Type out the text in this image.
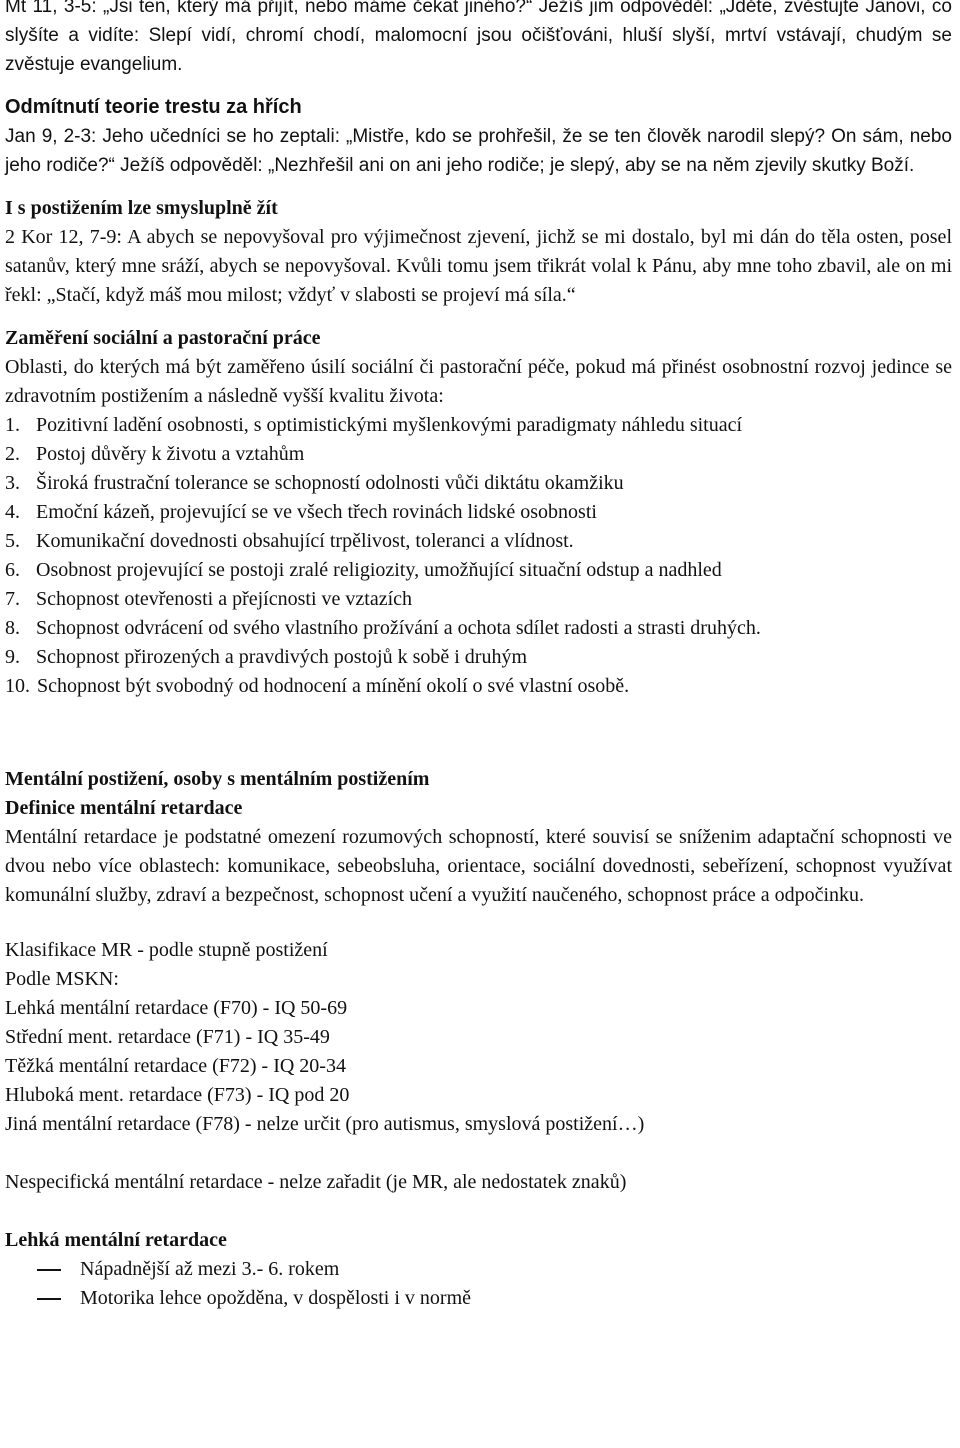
Mt 11, 3-5: „Jsi ten, který má přijít, nebo máme čekat jiného?“ Ježíš jim odpověděl: „Jděte, zvěstujte Janovi, co slyšíte a vidíte: Slepí vidí, chromí chodí, malomocní jsou očišťováni, hluší slyší, mrtví vstávají, chudým se zvěstuje evangelium.

Odmítnutí teorie trestu za hřích

Jan 9, 2-3: Jeho učedníci se ho zeptali: „Mistře, kdo se prohřešil, že se ten člověk narodil slepý? On sám, nebo jeho rodiče?“ Ježíš odpověděl: „Nezhřešil ani on ani jeho rodiče; je slepý, aby se na něm zjevily skutky Boží.

I s postižením lze smysluplně žít

2 Kor 12, 7-9: A abych se nepovyšoval pro výjimečnost zjevení, jichž se mi dostalo, byl mi dán do těla osten, posel satanův, který mne sráží, abych se nepovyšoval. Kvůli tomu jsem třikrát volal k Pánu, aby mne toho zbavil, ale on mi řekl: „Stačí, když máš mou milost; vždyť v slabosti se projeví má síla.“

Zaměření sociální a pastorační práce

Oblasti, do kterých má být zaměřeno úsilí sociální či pastorační péče, pokud má přinést osobnostní rozvoj jedince se zdravotním postižením a následně vyšší kvalitu života:

1. Pozitivní ladění osobnosti, s optimistickými myšlenkovými paradigmaty náhledu situací
2. Postoj důvěry k životu a vztahům
3. Široká frustrační tolerance se schopností odolnosti vůči diktátu okamžiku
4. Emoční kázeň, projevující se ve všech třech rovinách lidské osobnosti
5. Komunikační dovednosti obsahující trpělivost, toleranci a vlídnost.
6. Osobnost projevující se postoji zralé religiozity, umožňující situační odstup a nadhled
7. Schopnost otevřenosti a přejícnosti ve vztazích
8. Schopnost odvrácení od svého vlastního prožívání a ochota sdílet radosti a strasti druhých.
9. Schopnost přirozených a pravdivých postojů k sobě i druhým
10. Schopnost být svobodný od hodnocení a mínění okolí o své vlastní osobě.
Mentální postižení, osoby s mentálním postižením
Definice mentální retardace

Mentální retardace je podstatné omezení rozumových schopností, které souvisí se sníženim adaptační schopnosti ve dvou nebo více oblastech: komunikace, sebeobsluha, orientace, sociální dovednosti, sebeřízení, schopnost využívat komunální služby, zdraví a bezpečnost, schopnost učení a využití naučeného, schopnost práce a odpočinku.

Klasifikace MR - podle stupně postižení
Podle MSKN:
Lehká mentální retardace (F70) - IQ 50-69
Střední ment. retardace (F71) - IQ 35-49
Těžká mentální retardace (F72) - IQ 20-34
Hluboká ment. retardace (F73) - IQ pod 20
Jiná mentální retardace (F78) - nelze určit (pro autismus, smyslová postižení…)
Nespecifická mentální retardace - nelze zařadit (je MR, ale nedostatek znaků)
Lehká mentální retardace
Nápadnější až mezi 3.- 6. rokem
Motorika lehce opožděna, v dospělosti i v normě
